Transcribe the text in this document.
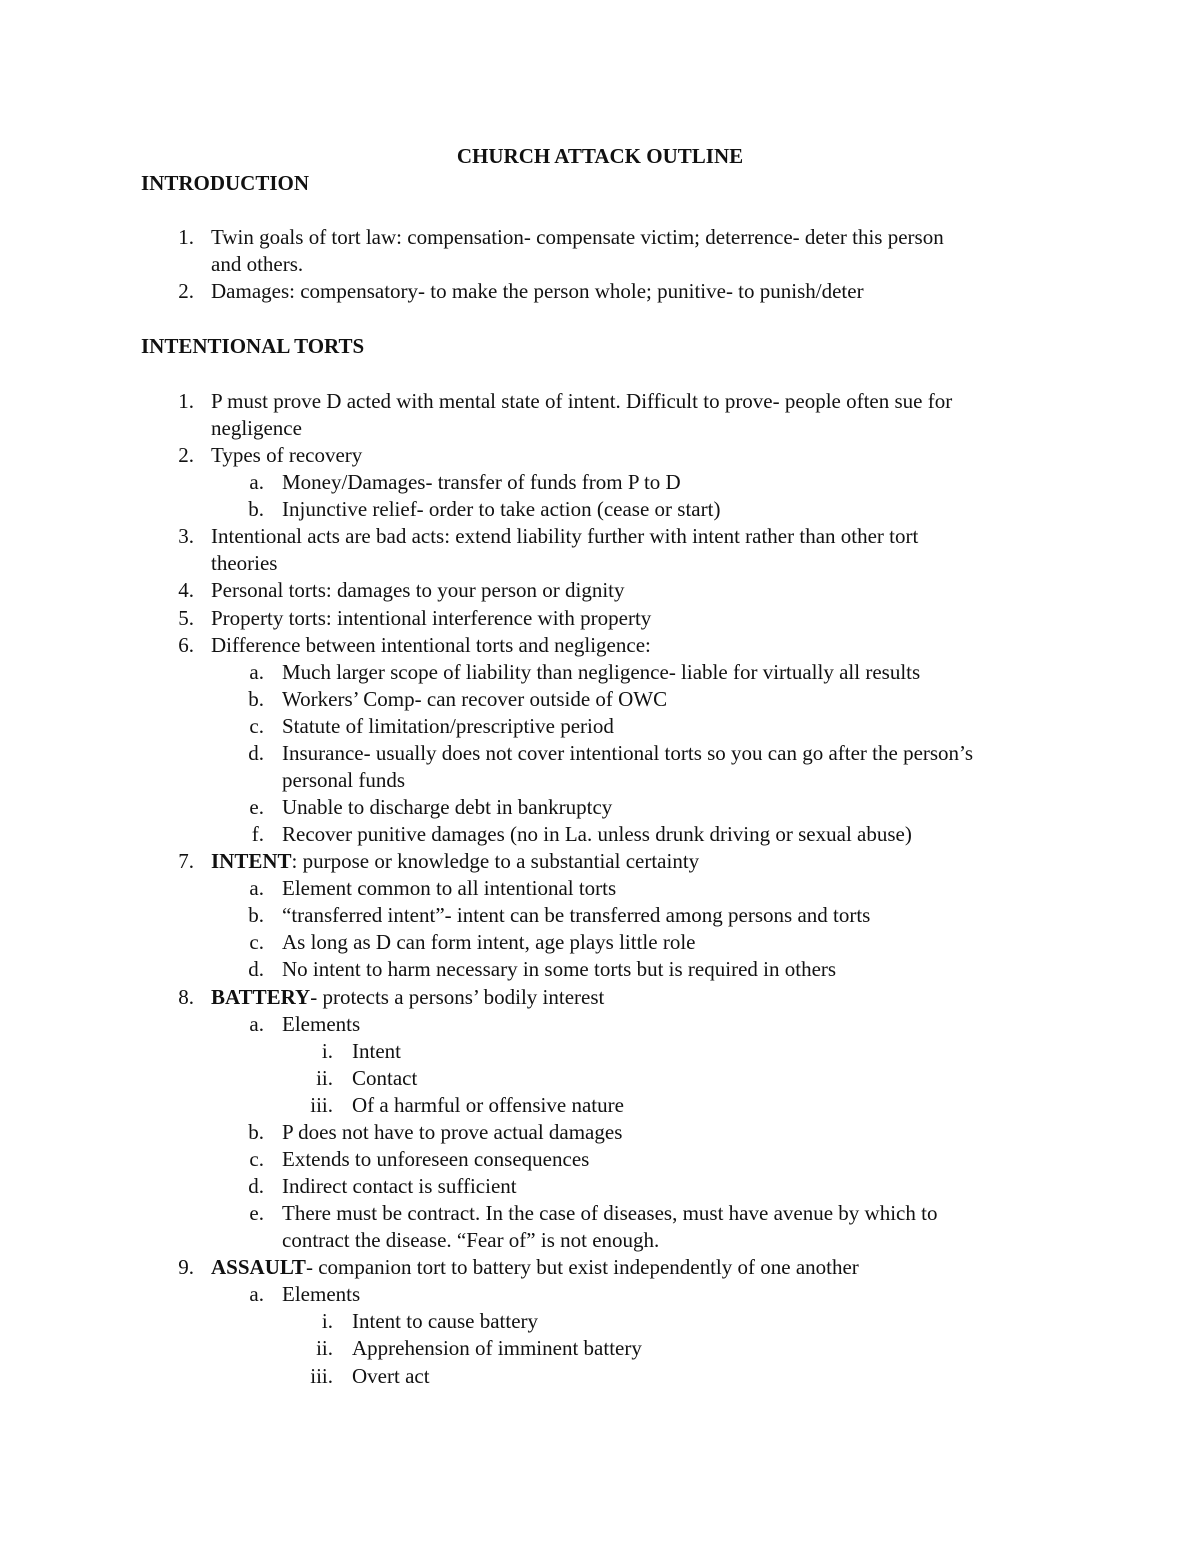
CHURCH ATTACK OUTLINE
INTRODUCTION
1. Twin goals of tort law: compensation- compensate victim; deterrence- deter this person
and others.
2. Damages: compensatory- to make the person whole; punitive- to punish/deter
INTENTIONAL TORTS
1. P must prove D acted with mental state of intent. Difficult to prove- people often sue for
negligence
2. Types of recovery
a. Money/Damages- transfer of funds from P to D
b. Injunctive relief- order to take action (cease or start)
3. Intentional acts are bad acts: extend liability further with intent rather than other tort
theories
4. Personal torts: damages to your person or dignity
5. Property torts: intentional interference with property
6. Difference between intentional torts and negligence:
a. Much larger scope of liability than negligence- liable for virtually all results
b. Workers’ Comp- can recover outside of OWC
c. Statute of limitation/prescriptive period
d. Insurance- usually does not cover intentional torts so you can go after the person’s
personal funds
e. Unable to discharge debt in bankruptcy
f. Recover punitive damages (no in La. unless drunk driving or sexual abuse)
7. INTENT: purpose or knowledge to a substantial certainty
a. Element common to all intentional torts
b. “transferred intent”- intent can be transferred among persons and torts
c. As long as D can form intent, age plays little role
d. No intent to harm necessary in some torts but is required in others
8. BATTERY- protects a persons’ bodily interest
a. Elements
i. Intent
ii. Contact
iii. Of a harmful or offensive nature
b. P does not have to prove actual damages
c. Extends to unforeseen consequences
d. Indirect contact is sufficient
e. There must be contract. In the case of diseases, must have avenue by which to
contract the disease. “Fear of” is not enough.
9. ASSAULT- companion tort to battery but exist independently of one another
a. Elements
i. Intent to cause battery
ii. Apprehension of imminent battery
iii. Overt act
